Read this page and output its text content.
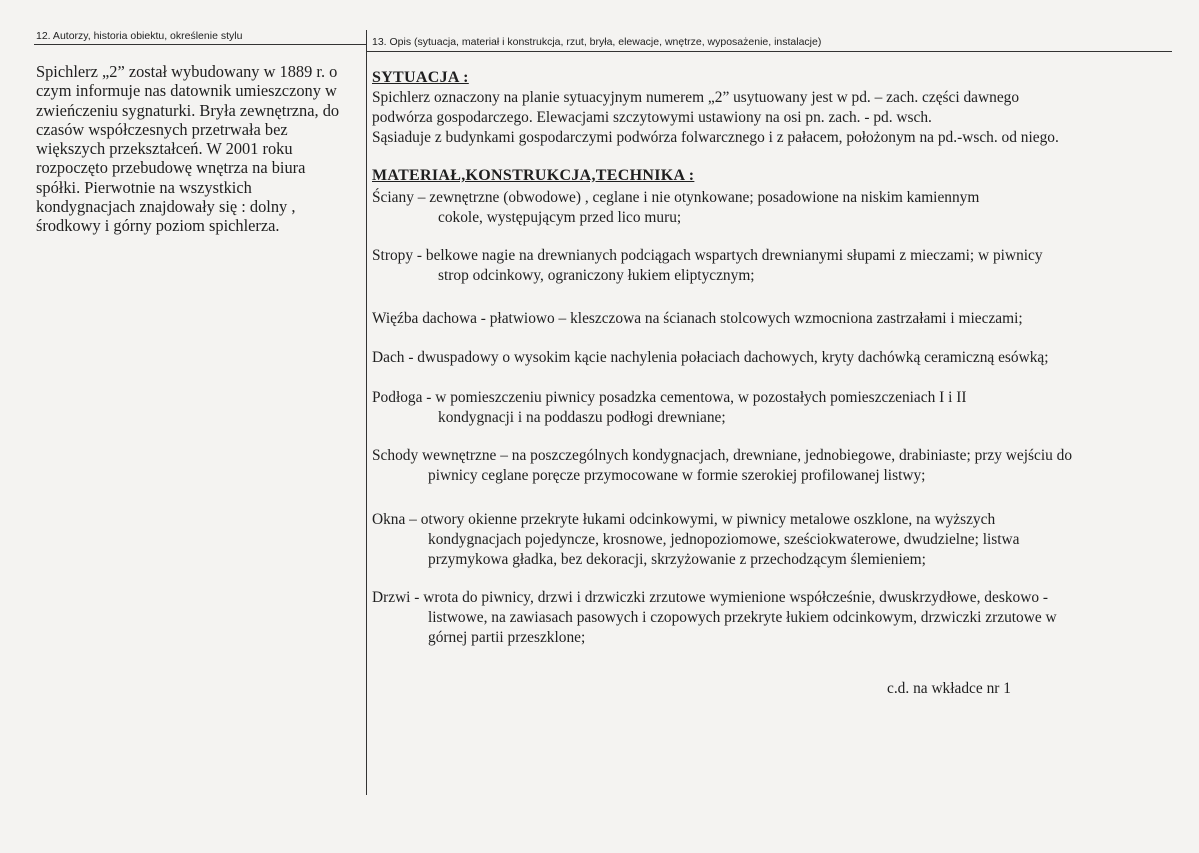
12. Autorzy, historia obiektu, określenie stylu	13. Opis (sytuacja, materiał i konstrukcja, rzut, bryła, elewacje, wnętrze, wyposażenie, instalacje)
Spichlerz „2” został wybudowany w 1889 r. o
czym informuje nas datownik umieszczony w
zwieńczeniu sygnaturki. Bryła zewnętrzna, do
czasów współczesnych przetrwała bez
większych przekształceń. W 2001 roku
rozpoczęto przebudowę wnętrza na biura
spółki. Pierwotnie na wszystkich
kondygnacjach znajdowały się : dolny ,
środkowy i górny poziom spichlerza.
SYTUACJA :
Spichlerz oznaczony na planie sytuacyjnym numerem „2” usytuowany jest w pd. – zach. części dawnego
podwórza gospodarczego. Elewacjami szczytowymi ustawiony na osi pn. zach. - pd. wsch.
Sąsiaduje z budynkami gospodarczymi podwórza folwarcznego i z pałacem, położonym na pd.-wsch. od niego.
MATERIAŁ,KONSTRUKCJA,TECHNIKA :
Ściany – zewnętrzne (obwodowe) , ceglane i nie otynkowane; posadowione na niskim kamiennym
cokole, występującym przed lico muru;
Stropy - belkowe nagie na drewnianych podciągach wspartych drewnianymi słupami z mieczami; w piwnicy
strop odcinkowy, ograniczony łukiem eliptycznym;
Więźba dachowa - płatwiowo – kleszczowa na ścianach stolcowych wzmocniona zastrzałami i mieczami;
Dach - dwuspadowy o wysokim kącie nachylenia połaciach dachowych, kryty dachówką ceramiczną esówką;
Podłoga - w pomieszczeniu piwnicy posadzka cementowa, w pozostałych pomieszczeniach I i II
kondygnacji i na poddaszu podłogi drewniane;
Schody wewnętrzne – na poszczególnych kondygnacjach, drewniane, jednobiegowe, drabiniaste; przy wejściu do
piwnicy ceglane poręcze przymocowane w formie szerokiej profilowanej listwy;
Okna – otwory okienne przekryte łukami odcinkowymi, w piwnicy metalowe oszklone, na wyższych
kondygnacjach pojedyncze, krosnowe, jednopoziomowe, sześciokwaterowe, dwudzielne; listwa
przymykowa gładka, bez dekoracji, skrzyżowanie z przechodzącym ślemieniem;
Drzwi - wrota do piwnicy, drzwi i drzwiczki zrzutowe wymienione współcześnie, dwuskrzydłowe, deskowo -
listwowe, na zawiasach pasowych i czopowych przekryte łukiem odcinkowym, drzwiczki zrzutowe w
górnej partii przeszklone;
c.d. na wkładce nr 1
